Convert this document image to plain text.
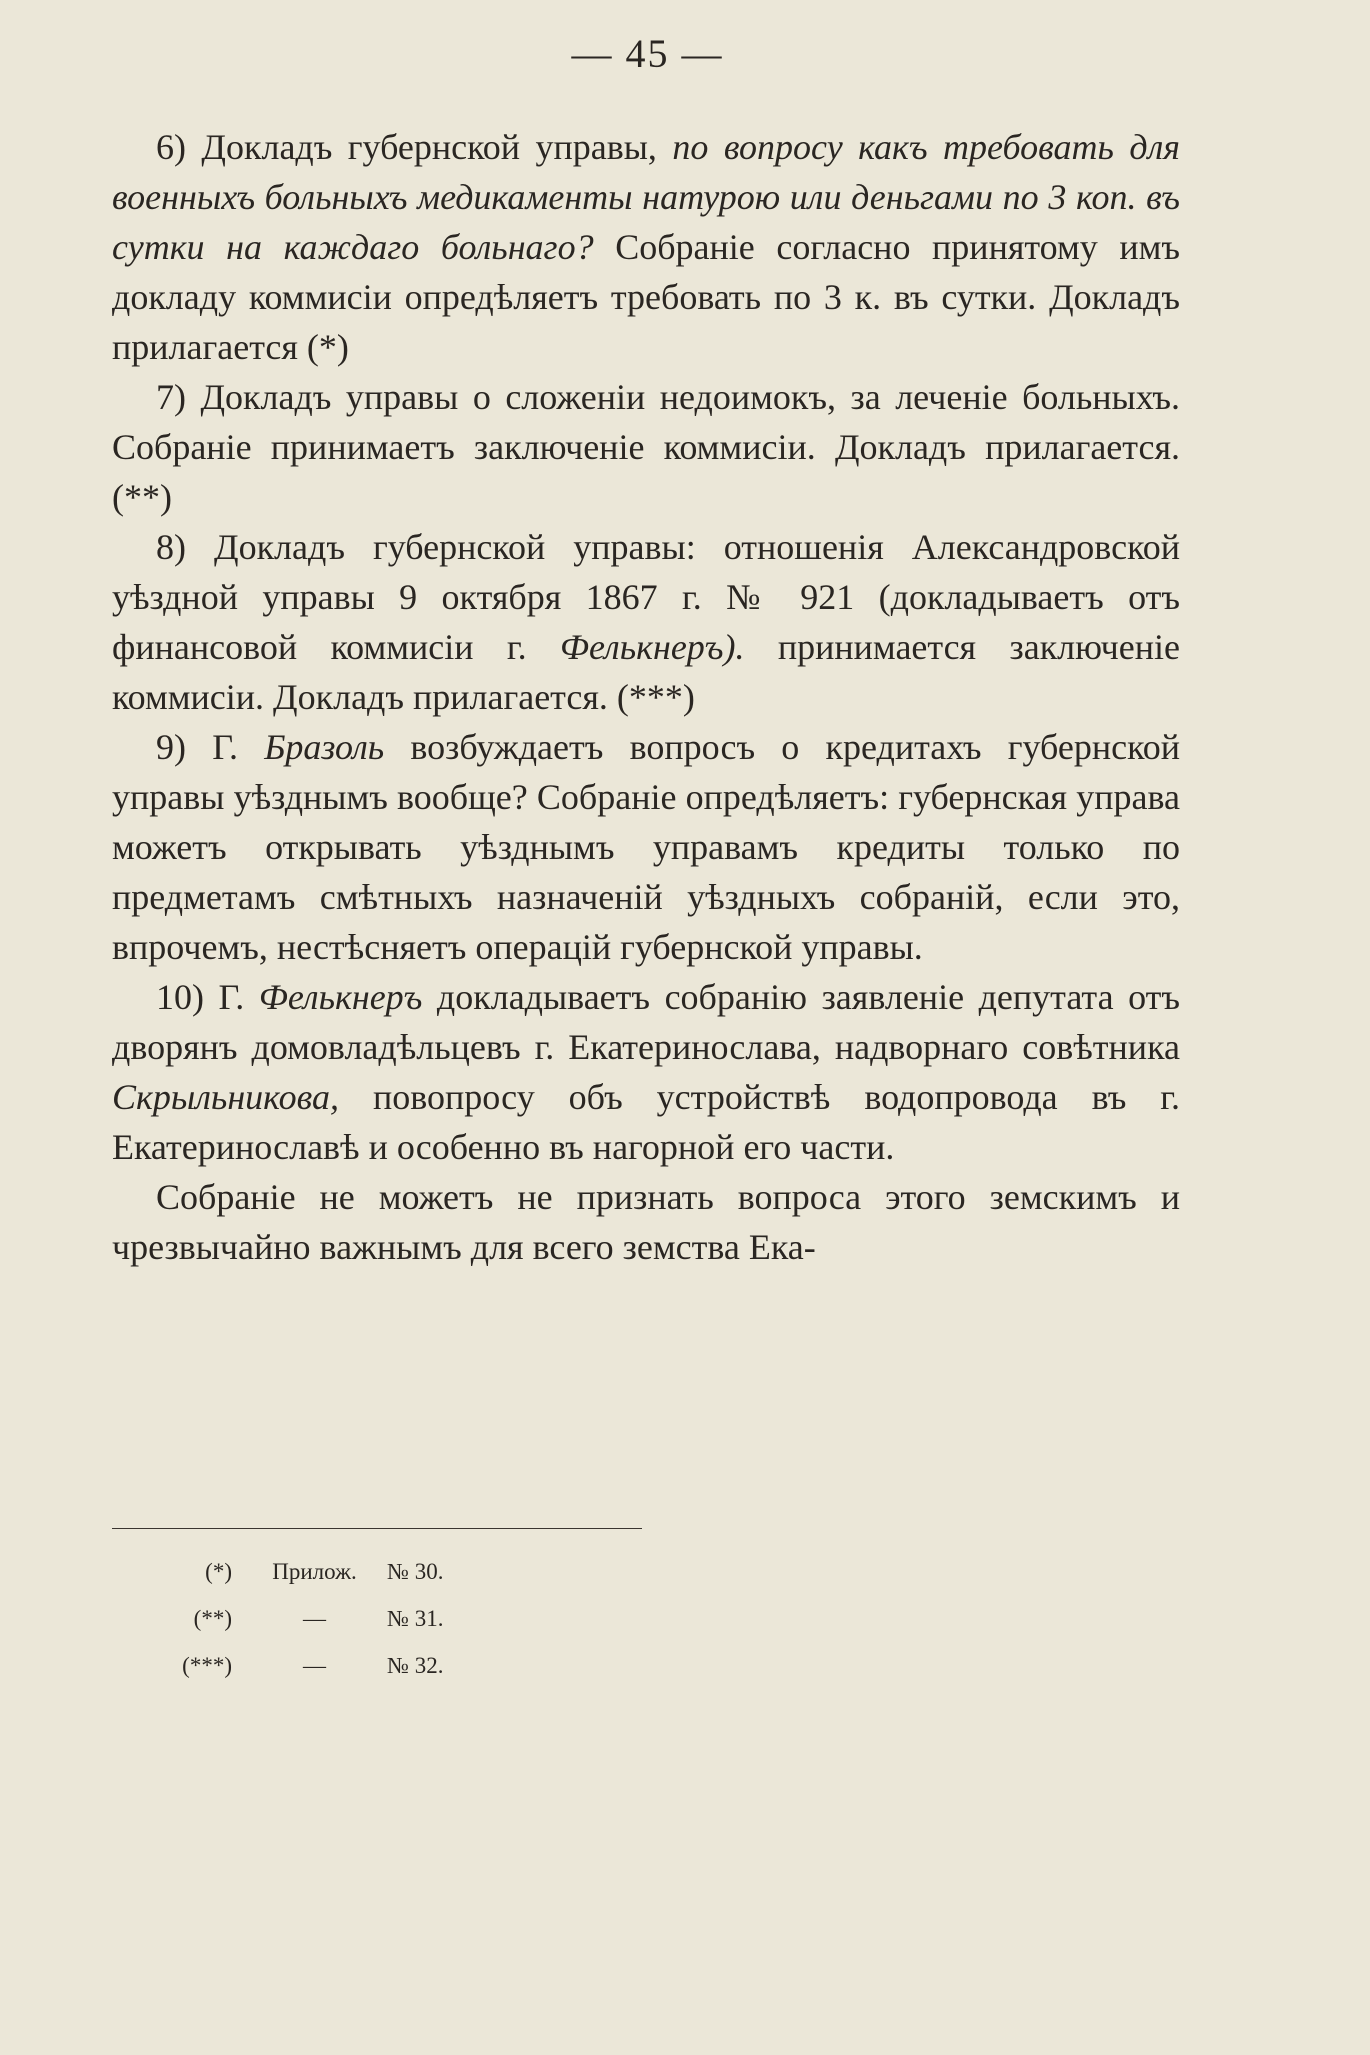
— 45 —

6) Докладъ губернской управы, по вопросу какъ требовать для военныхъ больныхъ медикаменты натурою или деньгами по 3 коп. въ сутки на каждаго больнаго? Собранiе согласно принятому имъ докладу коммисiи опредѣляетъ требовать по 3 к. въ сутки. Докладъ прилагается (*)

7) Докладъ управы о сложенiи недоимокъ, за леченiе больныхъ. Собранiе принимаетъ заключенiе коммисiи. Докладъ прилагается. (**)

8) Докладъ губернской управы: отношенiя Александровской уѣздной управы 9 октября 1867 г. № 921 (докладываетъ отъ финансовой коммисiи г. Фелькнеръ). принимается заключенiе коммисiи. Докладъ прилагается. (***)

9) Г. Бразоль возбуждаетъ вопросъ о кредитахъ губернской управы уѣзднымъ вообще? Собранiе опредѣляетъ: губернская управа можетъ открывать уѣзднымъ управамъ кредиты только по предметамъ смѣтныхъ назначенiй уѣздныхъ собранiй, если это, впрочемъ, нестѣсняетъ операцiй губернской управы.

10) Г. Фелькнеръ докладываетъ собранiю заявленiе депутата отъ дворянъ домовладѣльцевъ г. Екатеринослава, надворнаго совѣтника Скрыльникова, повопросу объ устройствѣ водопровода въ г. Екатеринославѣ и особенно въ нагорной его части.

Собранiе не можетъ не признать вопроса этого земскимъ и чрезвычайно важнымъ для всего земства Ека-

(*)	Прилож.	№ 30.
(**)	—	№ 31.
(***)	—	№ 32.
